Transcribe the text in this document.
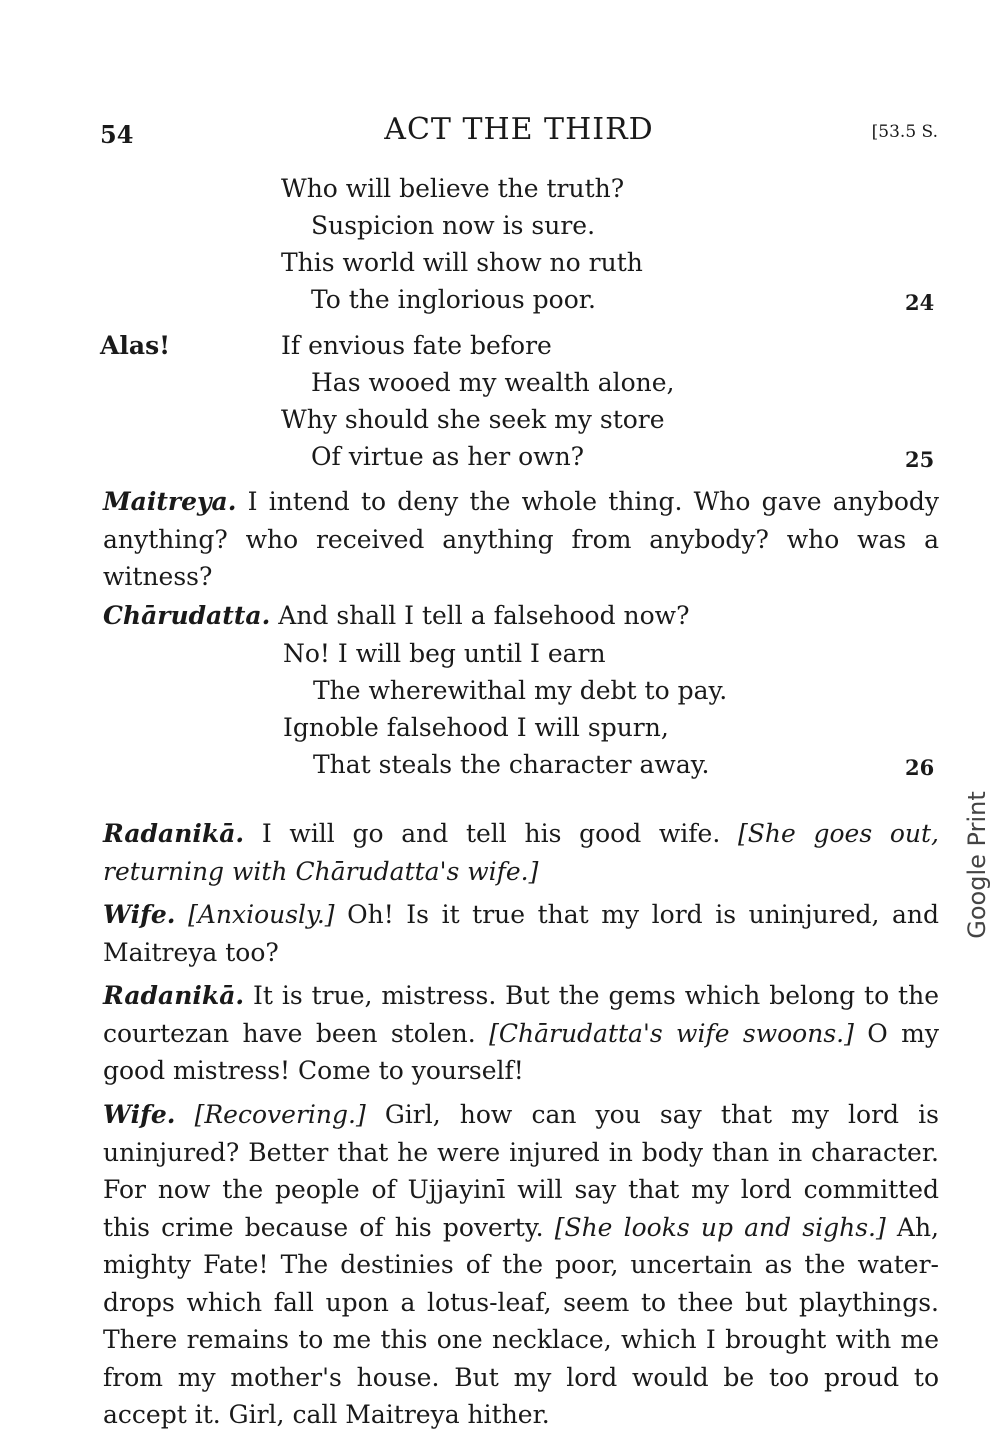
54	ACT THE THIRD	[53.5 S.
Who will believe the truth?
Suspicion now is sure.
This world will show no ruth
To the inglorious poor.	24
Alas!	If envious fate before
Has wooed my wealth alone,
Why should she seek my store
Of virtue as her own?	25

Maitreya. I intend to deny the whole thing. Who gave anybody anything? who received anything from anybody? who was a witness?

Chārudatta. And shall I tell a falsehood now?

No! I will beg until I earn
The wherewithal my debt to pay.
Ignoble falsehood I will spurn,
That steals the character away.	26

Radanikā. I will go and tell his good wife. [She goes out, returning with Chārudatta's wife.]

Wife. [Anxiously.] Oh! Is it true that my lord is uninjured, and Maitreya too?

Radanikā. It is true, mistress. But the gems which belong to the courtezan have been stolen. [Chārudatta's wife swoons.] O my good mistress! Come to yourself!

Wife. [Recovering.] Girl, how can you say that my lord is uninjured? Better that he were injured in body than in character. For now the people of Ujjayinī will say that my lord committed this crime because of his poverty. [She looks up and sighs.] Ah, mighty Fate! The destinies of the poor, uncertain as the water-drops which fall upon a lotus-leaf, seem to thee but playthings. There remains to me this one necklace, which I brought with me from my mother's house. But my lord would be too proud to accept it. Girl, call Maitreya hither.

Google Print
